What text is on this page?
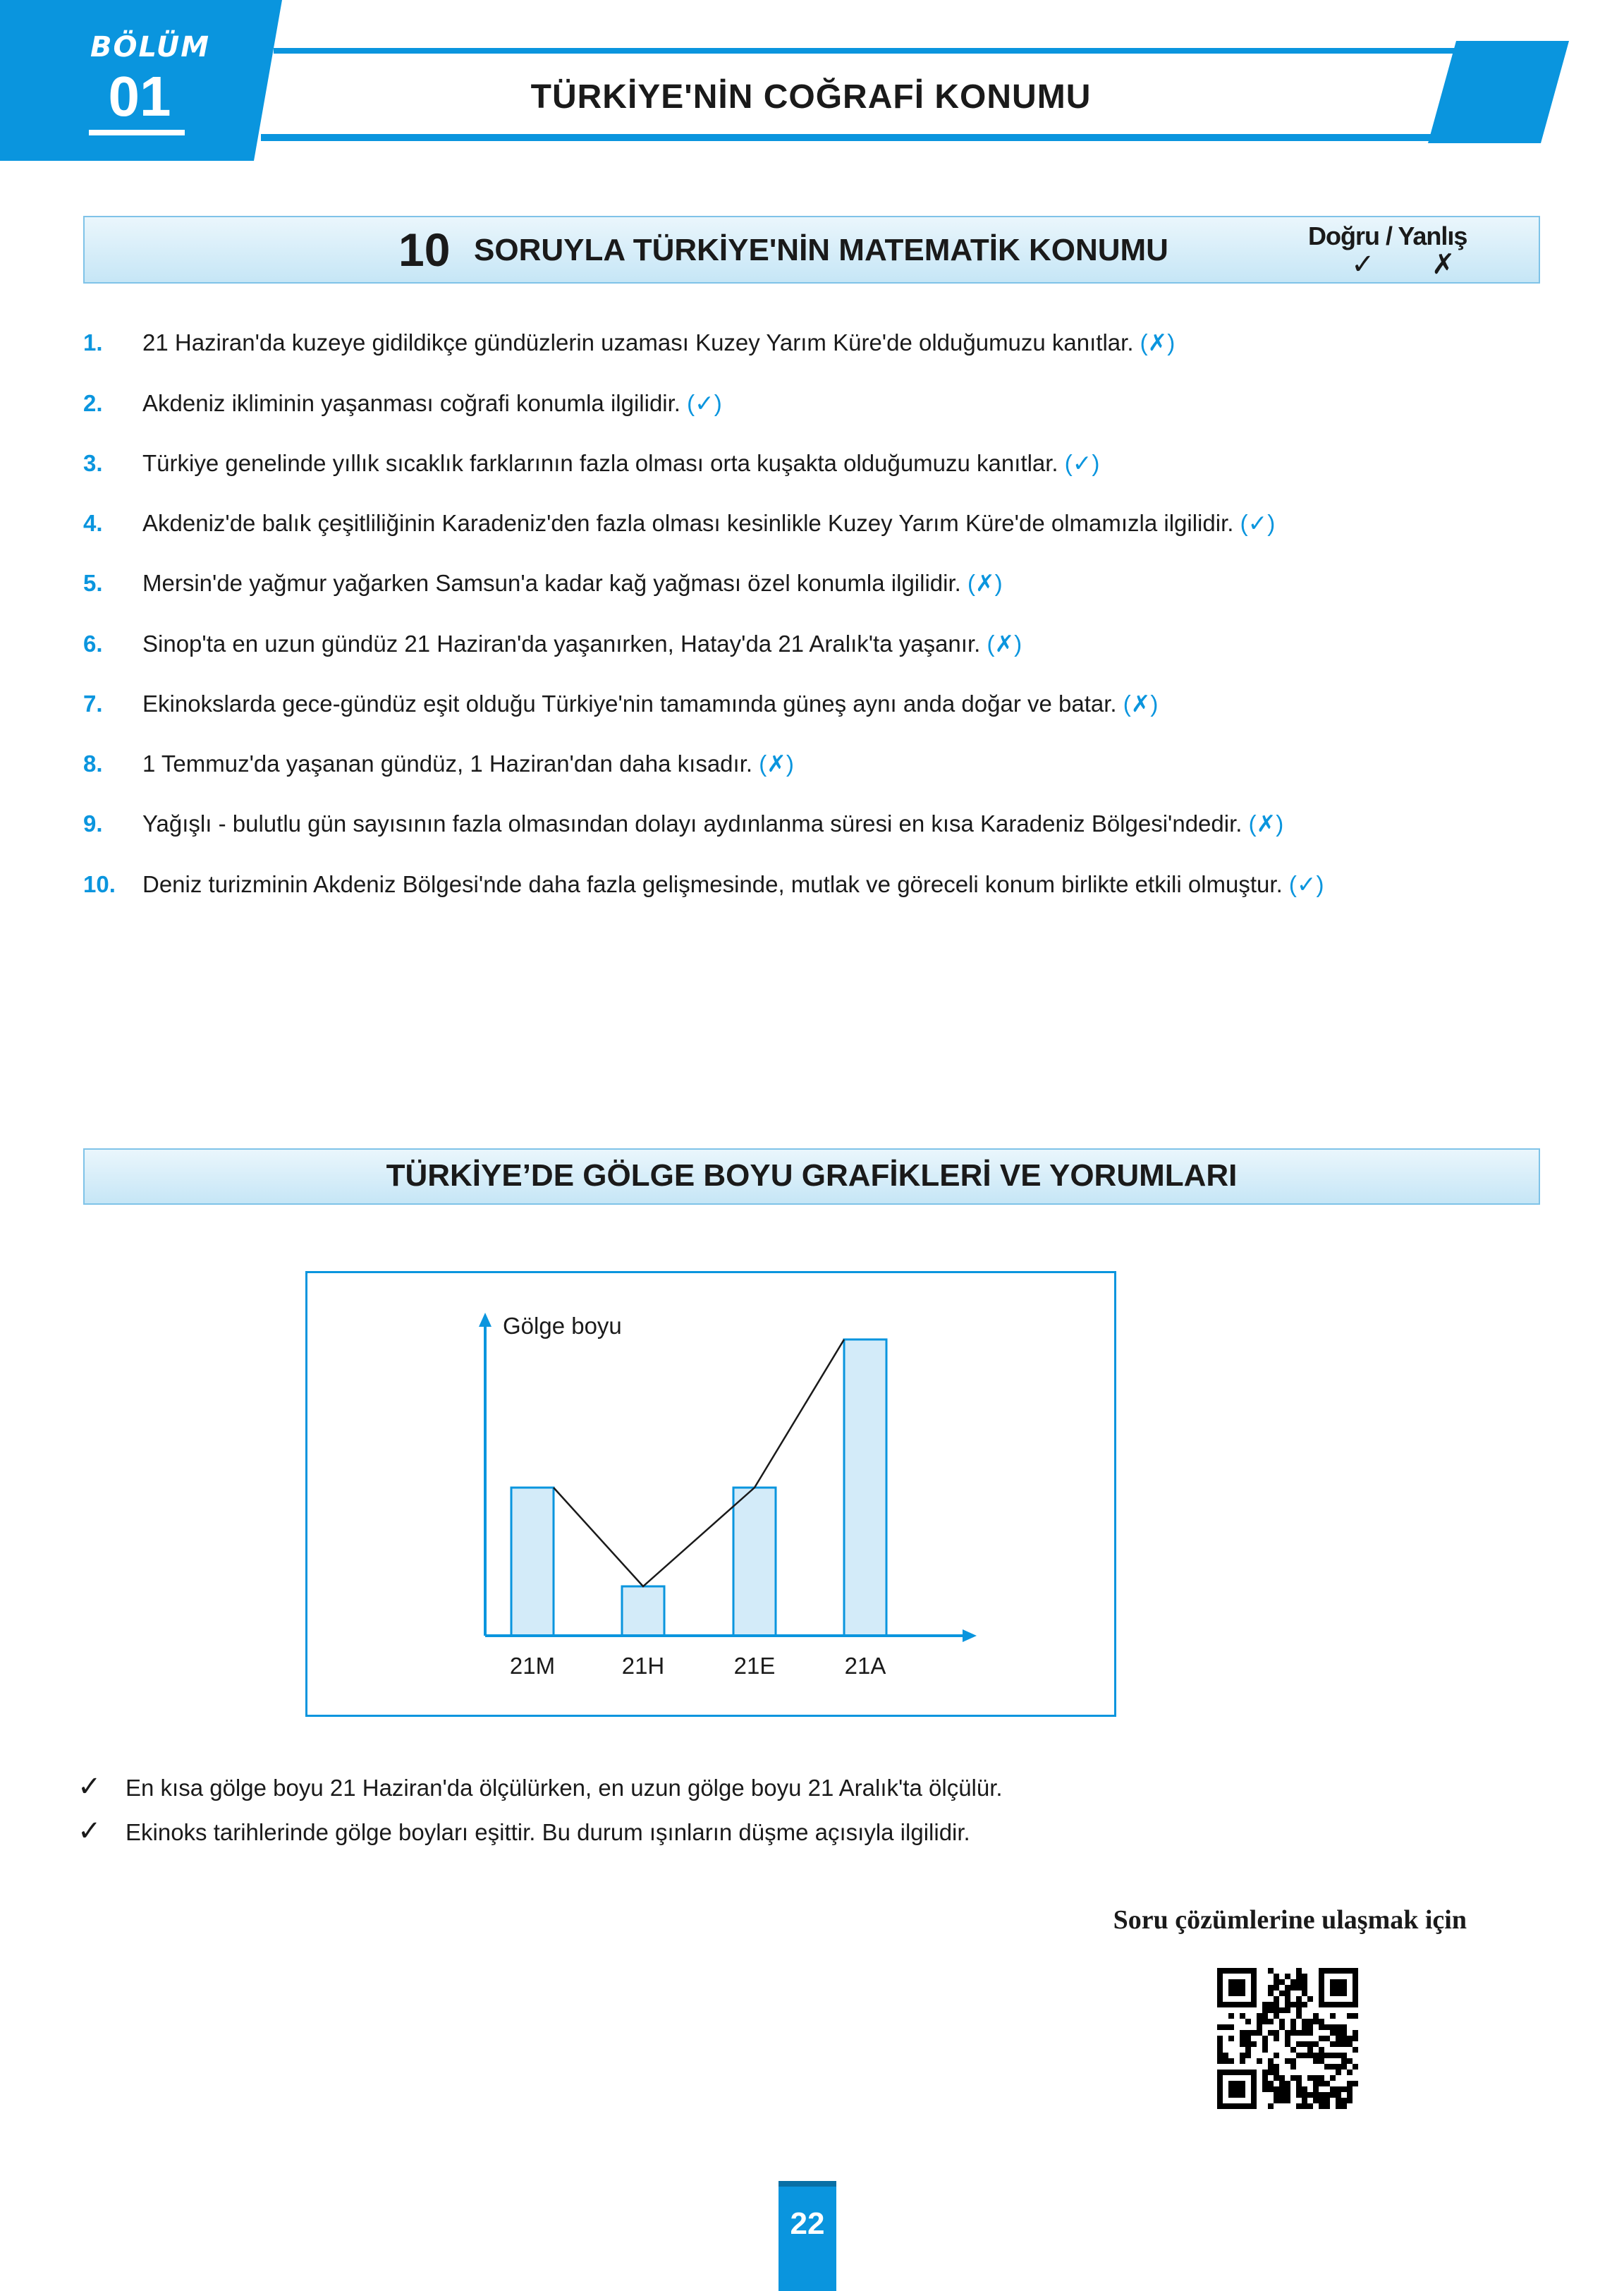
BÖLÜM
01	TÜRKİYE'NİN COĞRAFİ KONUMU
10 SORUYLA TÜRKİYE'NİN MATEMATİK KONUMU	Doğru / Yanlış
✓ ✗
1. 21 Haziran'da kuzeye gidildikçe gündüzlerin uzaması Kuzey Yarım Küre'de olduğumuzu kanıtlar. (✗)
2. Akdeniz ikliminin yaşanması coğrafi konumla ilgilidir. (✓)
3. Türkiye genelinde yıllık sıcaklık farklarının fazla olması orta kuşakta olduğumuzu kanıtlar. (✓)
4. Akdeniz'de balık çeşitliliğinin Karadeniz'den fazla olması kesinlikle Kuzey Yarım Küre'de olmamızla ilgilidir. (✓)
5. Mersin'de yağmur yağarken Samsun'a kadar kağ yağması özel konumla ilgilidir. (✗)
6. Sinop'ta en uzun gündüz 21 Haziran'da yaşanırken, Hatay'da 21 Aralık'ta yaşanır. (✗)
7. Ekinokslarda gece-gündüz eşit olduğu Türkiye'nin tamamında güneş aynı anda doğar ve batar. (✗)
8. 1 Temmuz'da yaşanan gündüz, 1 Haziran'dan daha kısadır. (✗)
9. Yağışlı - bulutlu gün sayısının fazla olmasından dolayı aydınlanma süresi en kısa Karadeniz Bölgesi'ndedir. (✗)
10. Deniz turizminin Akdeniz Bölgesi'nde daha fazla gelişmesinde, mutlak ve göreceli konum birlikte etkili olmuştur. (✓)
TÜRKİYE’DE GÖLGE BOYU GRAFİKLERİ VE YORUMLARI
Gölge boyu
21M	21H	21E	21A
✓ En kısa gölge boyu 21 Haziran'da ölçülürken, en uzun gölge boyu 21 Aralık'ta ölçülür.
✓ Ekinoks tarihlerinde gölge boyları eşittir. Bu durum ışınların düşme açısıyla ilgilidir.
Soru çözümlerine ulaşmak için
22
